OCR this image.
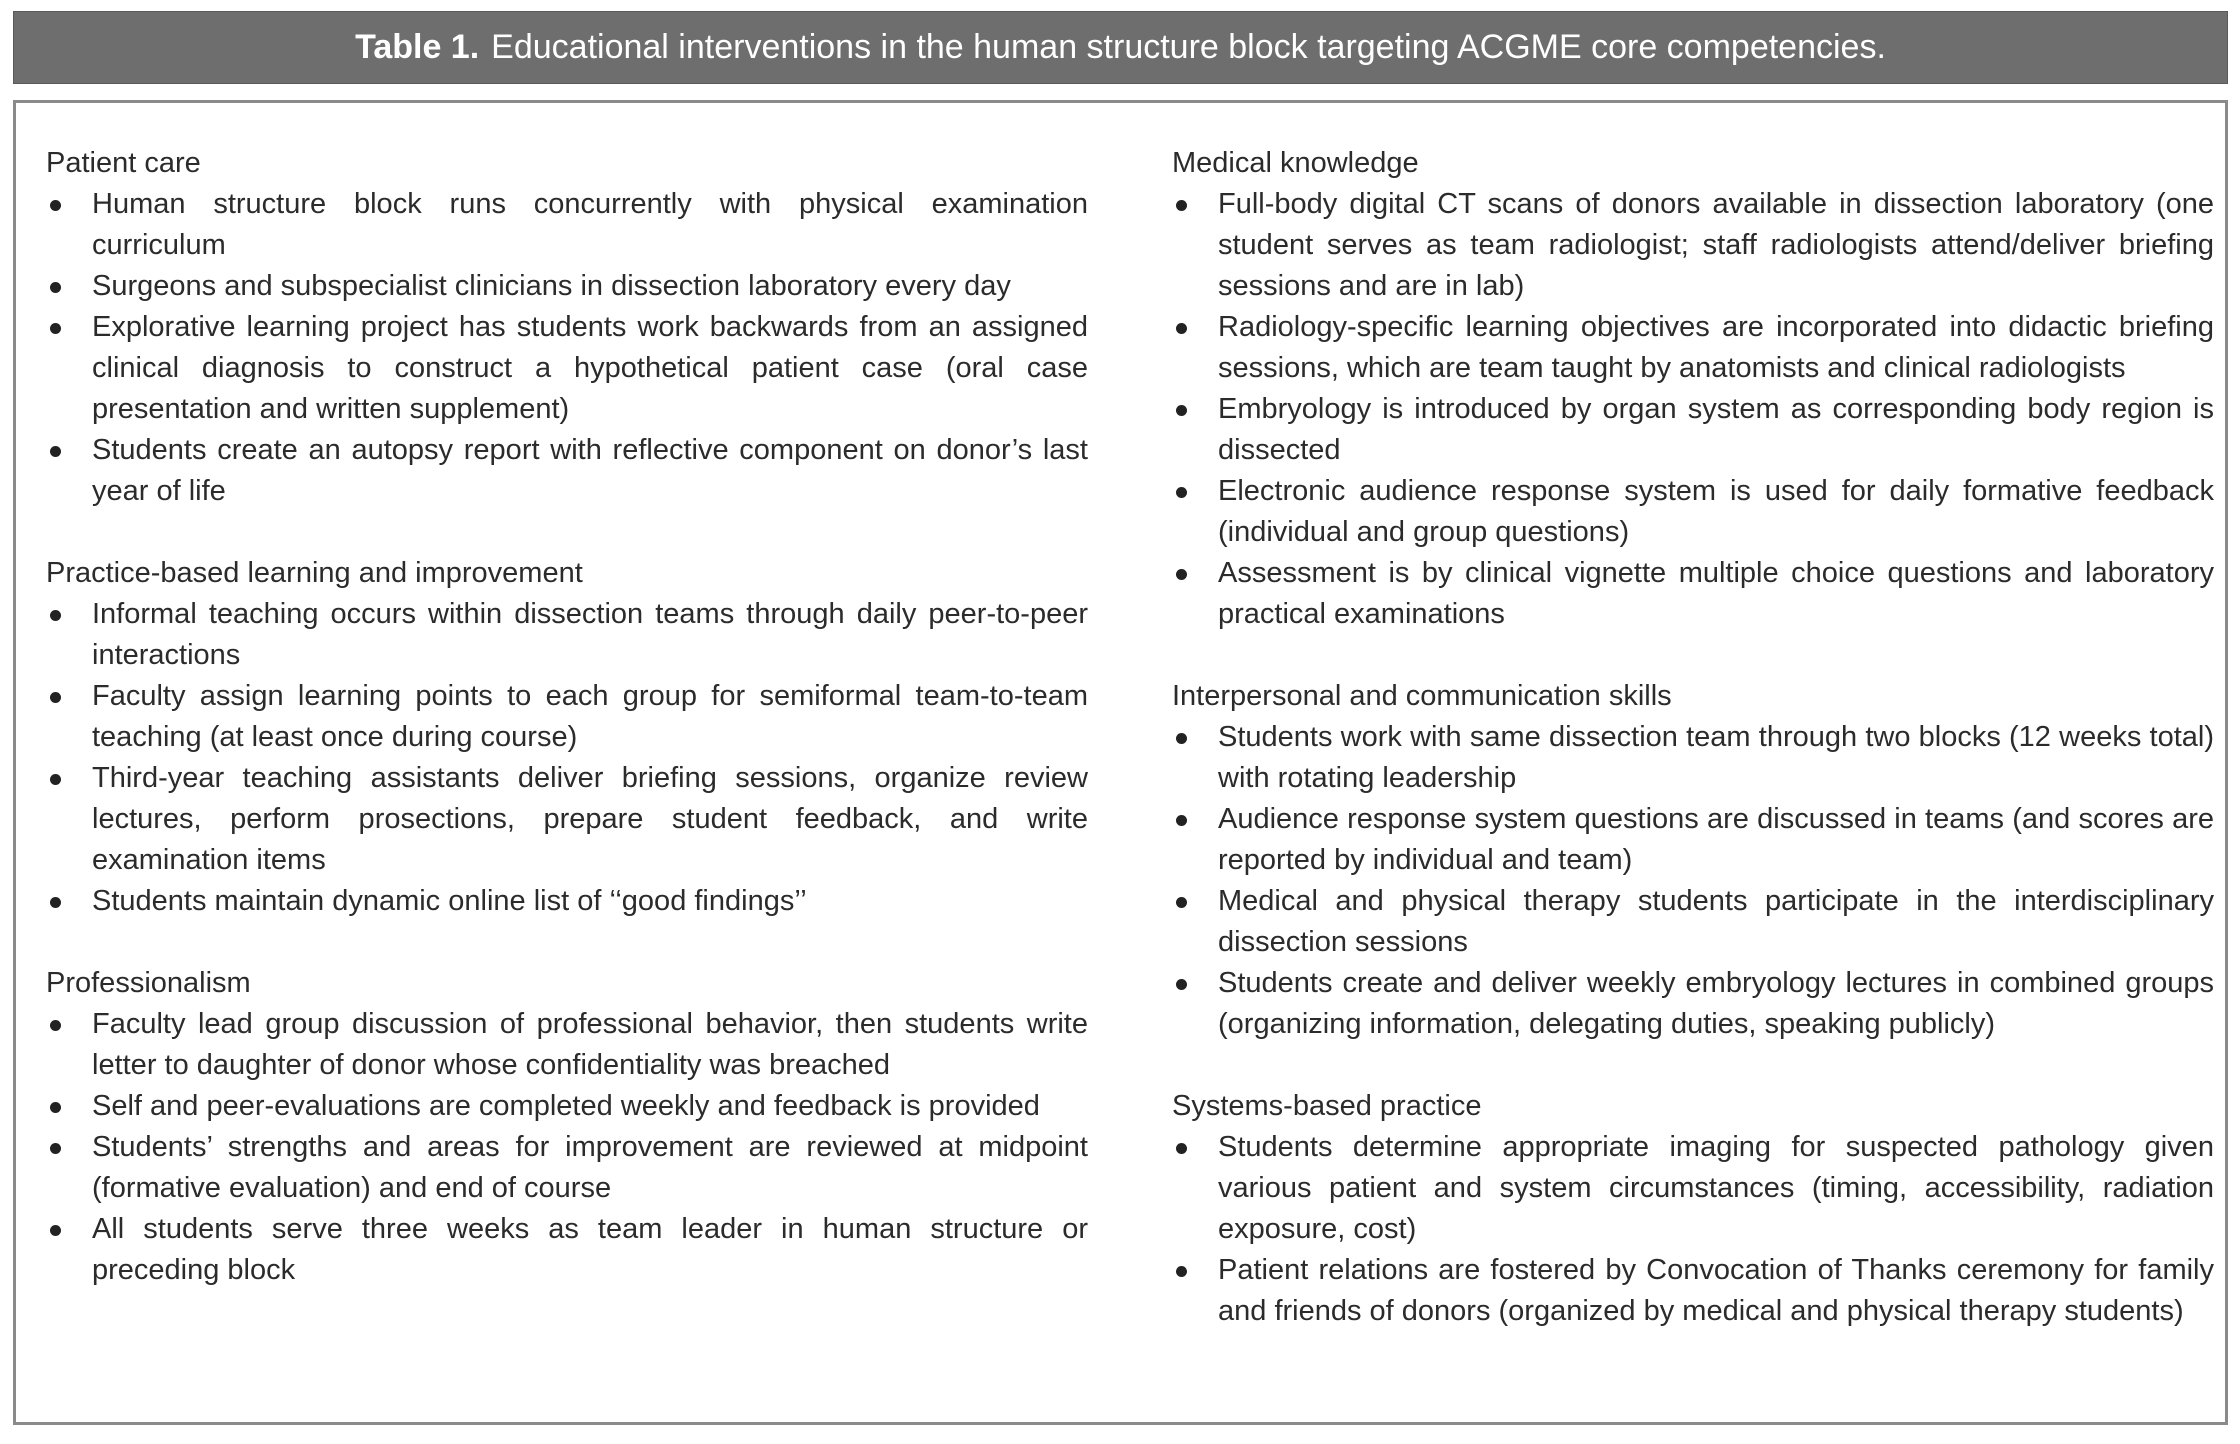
Table 1. Educational interventions in the human structure block targeting ACGME core competencies.
Patient care
Human structure block runs concurrently with physical examination curriculum
Surgeons and subspecialist clinicians in dissection laboratory every day
Explorative learning project has students work backwards from an assigned clinical diagnosis to construct a hypothetical patient case (oral case presentation and written supplement)
Students create an autopsy report with reflective component on donor’s last year of life
Practice-based learning and improvement
Informal teaching occurs within dissection teams through daily peer-to-peer interactions
Faculty assign learning points to each group for semiformal team-to-team teaching (at least once during course)
Third-year teaching assistants deliver briefing sessions, organize review lectures, perform prosections, prepare student feedback, and write examination items
Students maintain dynamic online list of ‘‘good findings’’
Professionalism
Faculty lead group discussion of professional behavior, then students write letter to daughter of donor whose confidentiality was breached
Self and peer-evaluations are completed weekly and feedback is provided
Students’ strengths and areas for improvement are reviewed at midpoint (formative evaluation) and end of course
All students serve three weeks as team leader in human structure or preceding block
Medical knowledge
Full-body digital CT scans of donors available in dissection laboratory (one student serves as team radiologist; staff radiologists attend/deliver briefing sessions and are in lab)
Radiology-specific learning objectives are incorporated into didactic briefing sessions, which are team taught by anatomists and clinical radiologists
Embryology is introduced by organ system as corresponding body region is dissected
Electronic audience response system is used for daily formative feedback (individual and group questions)
Assessment is by clinical vignette multiple choice questions and laboratory practical examinations
Interpersonal and communication skills
Students work with same dissection team through two blocks (12 weeks total) with rotating leadership
Audience response system questions are discussed in teams (and scores are reported by individual and team)
Medical and physical therapy students participate in the interdisciplinary dissection sessions
Students create and deliver weekly embryology lectures in combined groups (organizing information, delegating duties, speaking publicly)
Systems-based practice
Students determine appropriate imaging for suspected pathology given various patient and system circumstances (timing, accessibility, radiation exposure, cost)
Patient relations are fostered by Convocation of Thanks ceremony for family and friends of donors (organized by medical and physical therapy students)
